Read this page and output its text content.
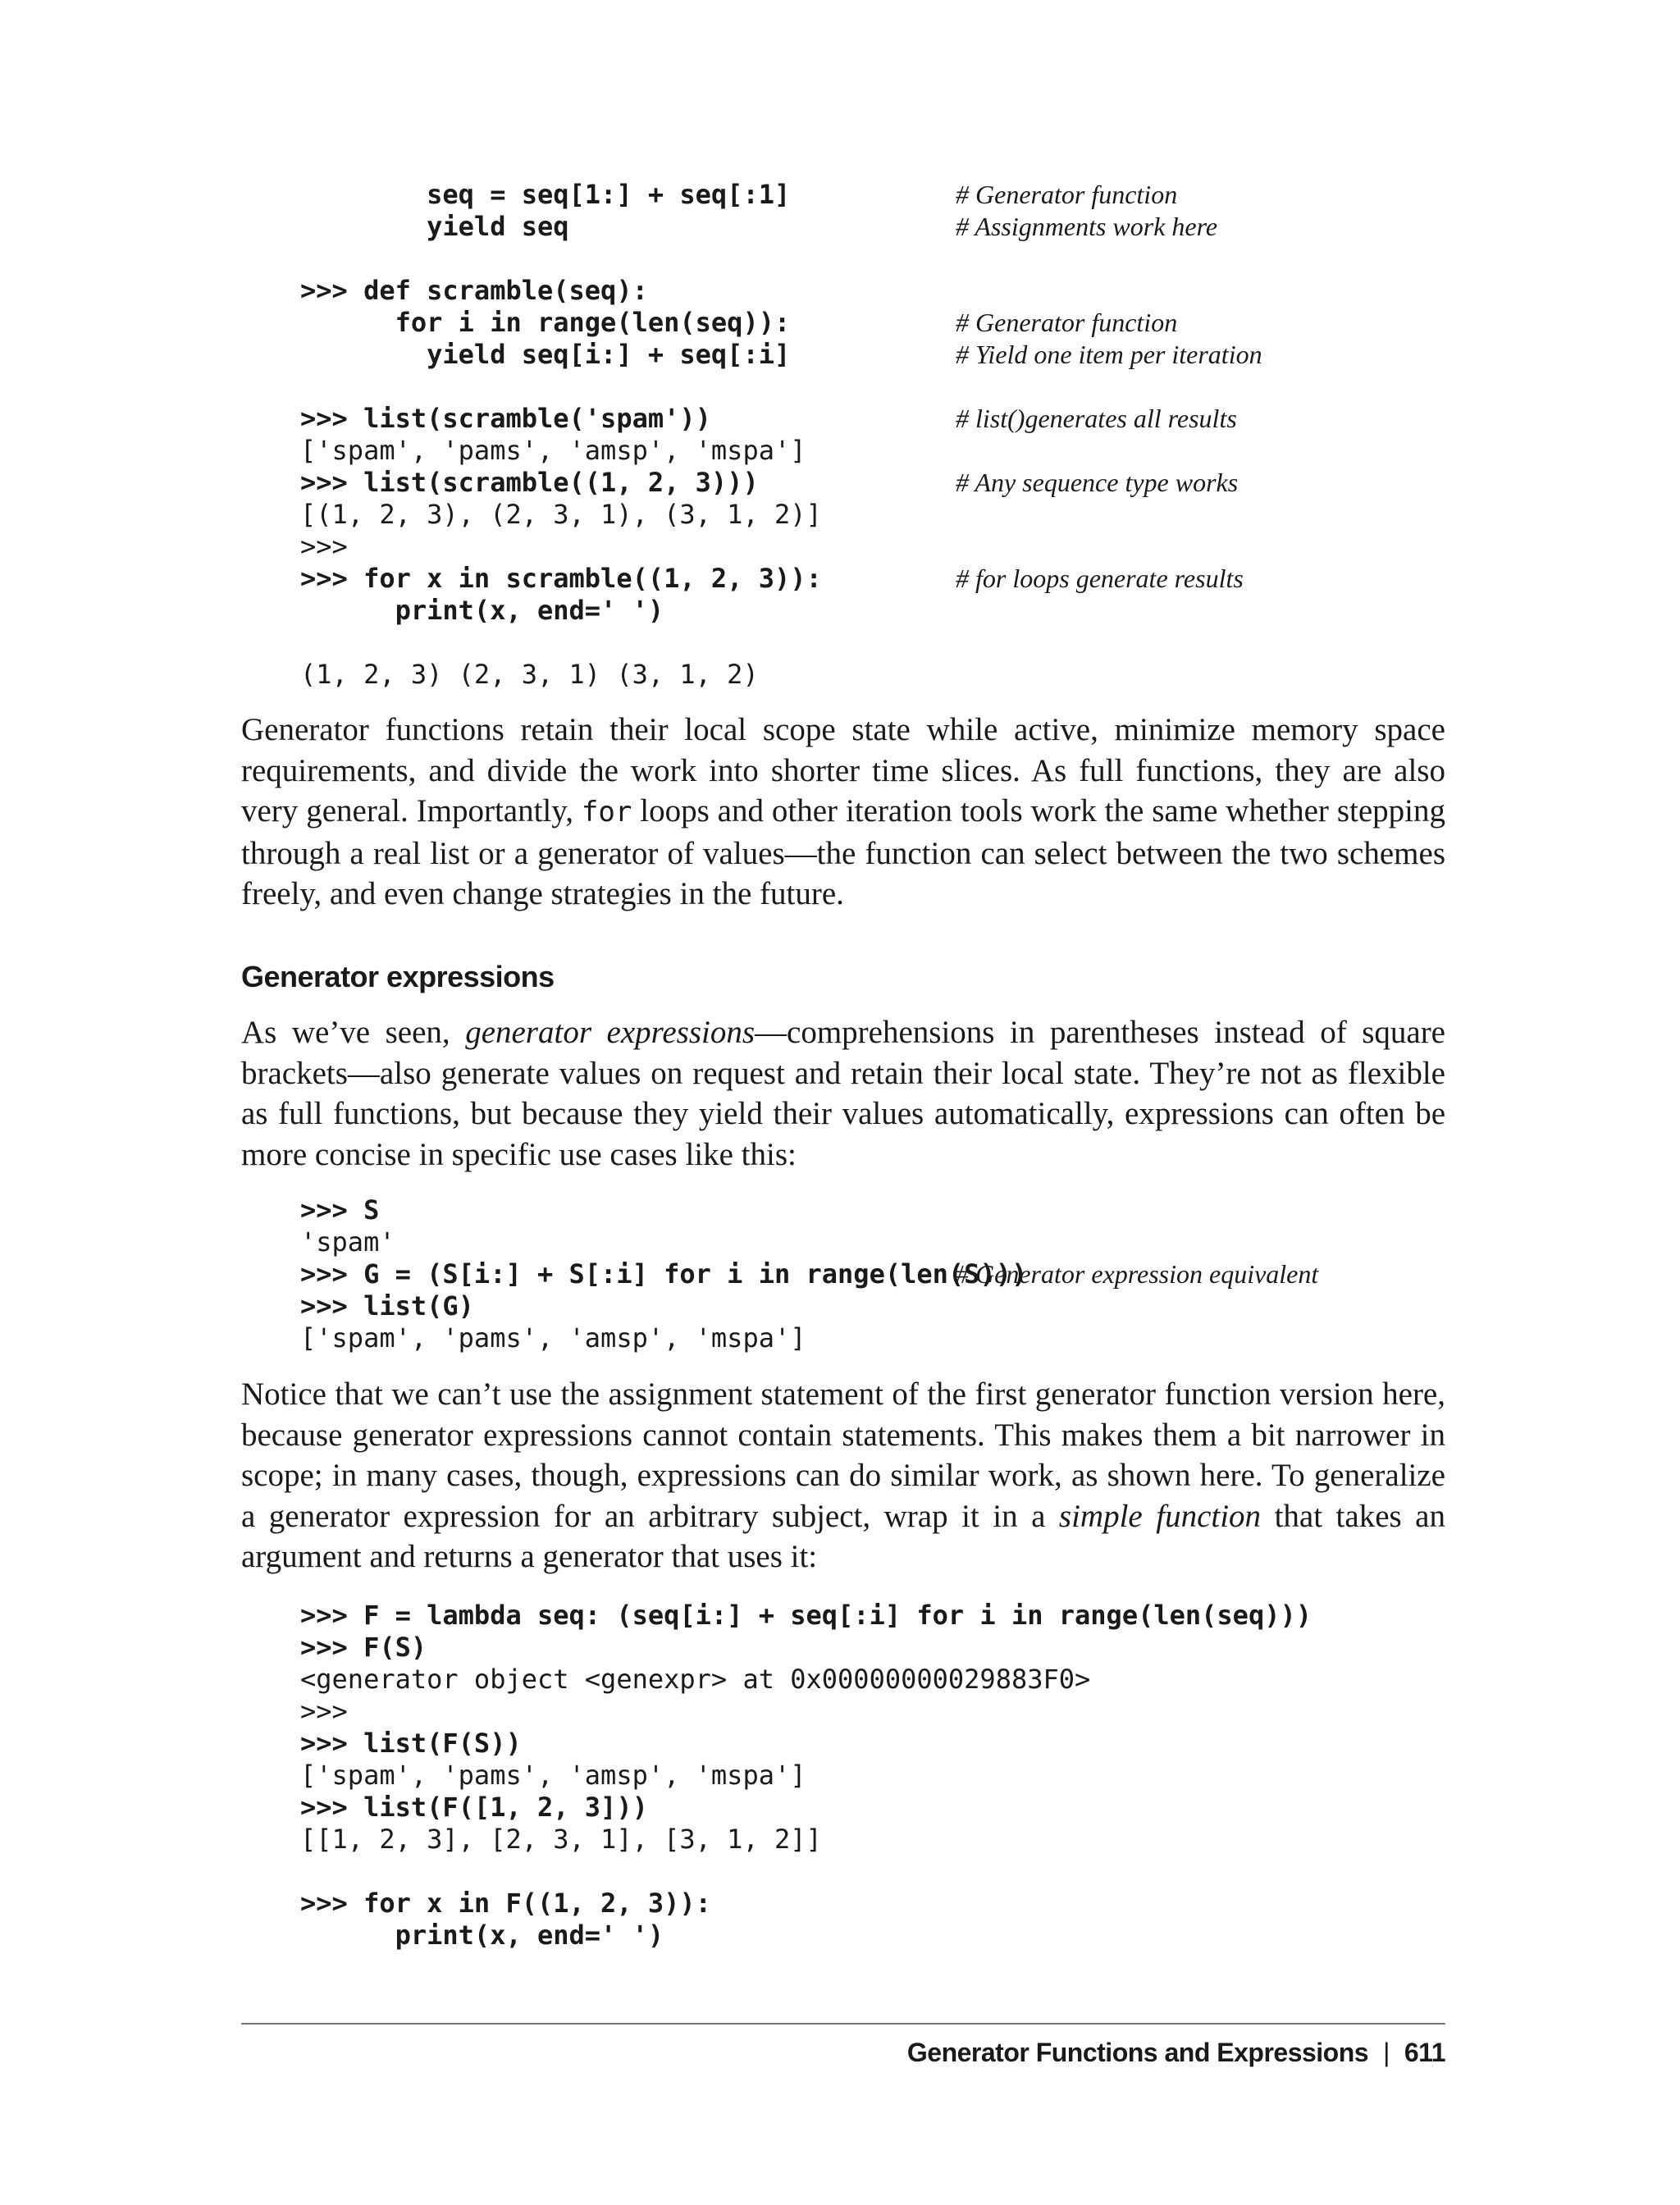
seq = seq[1:] + seq[:1]	# Generator function
yield seq	# Assignments work here
>>> def scramble(seq):
for i in range(len(seq)):	# Generator function
yield seq[i:] + seq[:i]	# Yield one item per iteration
>>> list(scramble('spam'))	# list()generates all results
['spam', 'pams', 'amsp', 'mspa']
>>> list(scramble((1, 2, 3)))	# Any sequence type works
[(1, 2, 3), (2, 3, 1), (3, 1, 2)]
>>>
>>> for x in scramble((1, 2, 3)):	# for loops generate results
print(x, end=' ')
(1, 2, 3) (2, 3, 1) (3, 1, 2)

Generator functions retain their local scope state while active, minimize memory space requirements, and divide the work into shorter time slices. As full functions, they are also very general. Importantly, for loops and other iteration tools work the same whether stepping through a real list or a generator of values—the function can select between the two schemes freely, and even change strategies in the future.

Generator expressions

As we’ve seen, generator expressions—comprehensions in parentheses instead of square brackets—also generate values on request and retain their local state. They’re not as flexible as full functions, but because they yield their values automatically, expressions can often be more concise in specific use cases like this:

>>> S
'spam'
>>> G = (S[i:] + S[:i] for i in range(len(S)))
# Generator expression equivalent
>>> list(G)
['spam', 'pams', 'amsp', 'mspa']

Notice that we can’t use the assignment statement of the first generator function version here, because generator expressions cannot contain statements. This makes them a bit narrower in scope; in many cases, though, expressions can do similar work, as shown here. To generalize a generator expression for an arbitrary subject, wrap it in a simple function that takes an argument and returns a generator that uses it:

>>> F = lambda seq: (seq[i:] + seq[:i] for i in range(len(seq)))
>>> F(S)
<generator object <genexpr> at 0x00000000029883F0>
>>>
>>> list(F(S))
['spam', 'pams', 'amsp', 'mspa']
>>> list(F([1, 2, 3]))
[[1, 2, 3], [2, 3, 1], [3, 1, 2]]
>>> for x in F((1, 2, 3)):
print(x, end=' ')
Generator Functions and Expressions | 611
